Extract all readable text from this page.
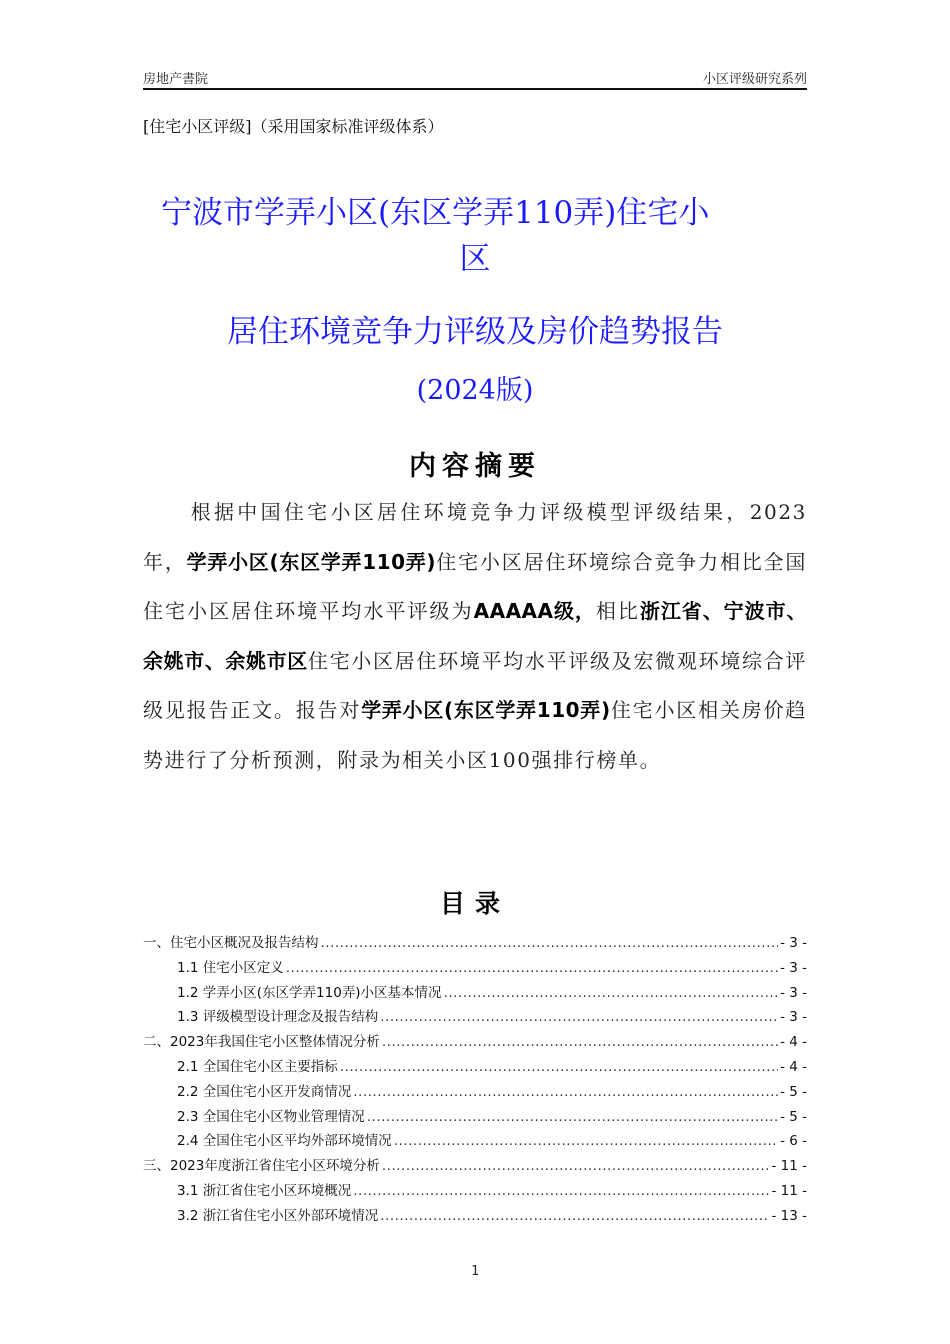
房地产書院	小区评级研究系列
[住宅小区评级]（采用国家标准评级体系）
宁波市学弄小区(东区学弄110弄)住宅小
区
居住环境竞争力评级及房价趋势报告
(2024版)
内容摘要
根据中国住宅小区居住环境竞争力评级模型评级结果，2023年，学弄小区(东区学弄110弄)住宅小区居住环境综合竞争力相比全国住宅小区居住环境平均水平评级为AAAAA级，相比浙江省、宁波市、余姚市、余姚市区住宅小区居住环境平均水平评级及宏微观环境综合评级见报告正文。报告对学弄小区(东区学弄110弄)住宅小区相关房价趋势进行了分析预测，附录为相关小区100强排行榜单。
目录
一、住宅小区概况及报告结构 .....	- 3 -
1.1 住宅小区定义 .....	- 3 -
1.2 学弄小区(东区学弄110弄)小区基本情况 .....	- 3 -
1.3 评级模型设计理念及报告结构 .....	- 3 -
二、2023年我国住宅小区整体情况分析 .....	- 4 -
2.1 全国住宅小区主要指标 .....	- 4 -
2.2 全国住宅小区开发商情况 .....	- 5 -
2.3 全国住宅小区物业管理情况 .....	- 5 -
2.4 全国住宅小区平均外部环境情况 .....	- 6 -
三、2023年度浙江省住宅小区环境分析 .....	- 11 -
3.1 浙江省住宅小区环境概况 .....	- 11 -
3.2 浙江省住宅小区外部环境情况 .....	- 13 -
1
